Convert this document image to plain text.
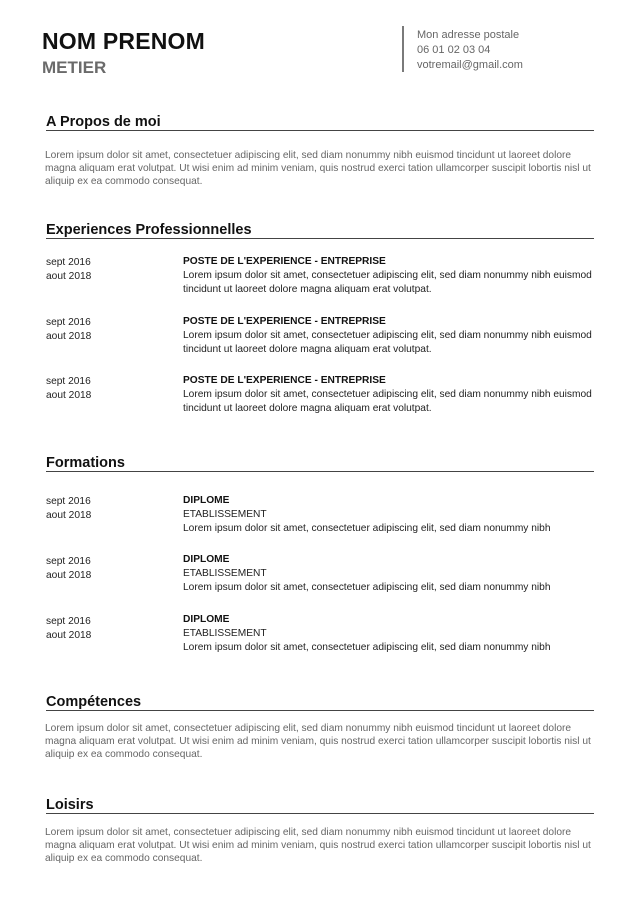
NOM PRENOM
METIER
Mon adresse postale
06 01 02 03 04
votremail@gmail.com
A Propos de moi
Lorem ipsum dolor sit amet, consectetuer adipiscing elit, sed diam nonummy nibh euismod tincidunt ut laoreet dolore magna aliquam erat volutpat. Ut wisi enim ad minim veniam, quis nostrud exerci tation ullamcorper suscipit lobortis nisl ut aliquip ex ea commodo consequat.
Experiences Professionnelles
sept 2016
aout 2018
POSTE DE L'EXPERIENCE - ENTREPRISE
Lorem ipsum dolor sit amet, consectetuer adipiscing elit, sed diam nonummy nibh euismod tincidunt ut laoreet dolore magna aliquam erat volutpat.
sept 2016
aout 2018
POSTE DE L'EXPERIENCE - ENTREPRISE
Lorem ipsum dolor sit amet, consectetuer adipiscing elit, sed diam nonummy nibh euismod tincidunt ut laoreet dolore magna aliquam erat volutpat.
sept 2016
aout 2018
POSTE DE L'EXPERIENCE - ENTREPRISE
Lorem ipsum dolor sit amet, consectetuer adipiscing elit, sed diam nonummy nibh euismod tincidunt ut laoreet dolore magna aliquam erat volutpat.
Formations
sept 2016
aout 2018
DIPLOME
ETABLISSEMENT
Lorem ipsum dolor sit amet, consectetuer adipiscing elit, sed diam nonummy nibh
sept 2016
aout 2018
DIPLOME
ETABLISSEMENT
Lorem ipsum dolor sit amet, consectetuer adipiscing elit, sed diam nonummy nibh
sept 2016
aout 2018
DIPLOME
ETABLISSEMENT
Lorem ipsum dolor sit amet, consectetuer adipiscing elit, sed diam nonummy nibh
Compétences
Lorem ipsum dolor sit amet, consectetuer adipiscing elit, sed diam nonummy nibh euismod tincidunt ut laoreet dolore magna aliquam erat volutpat. Ut wisi enim ad minim veniam, quis nostrud exerci tation ullamcorper suscipit lobortis nisl ut aliquip ex ea commodo consequat.
Loisirs
Lorem ipsum dolor sit amet, consectetuer adipiscing elit, sed diam nonummy nibh euismod tincidunt ut laoreet dolore magna aliquam erat volutpat. Ut wisi enim ad minim veniam, quis nostrud exerci tation ullamcorper suscipit lobortis nisl ut aliquip ex ea commodo consequat.
